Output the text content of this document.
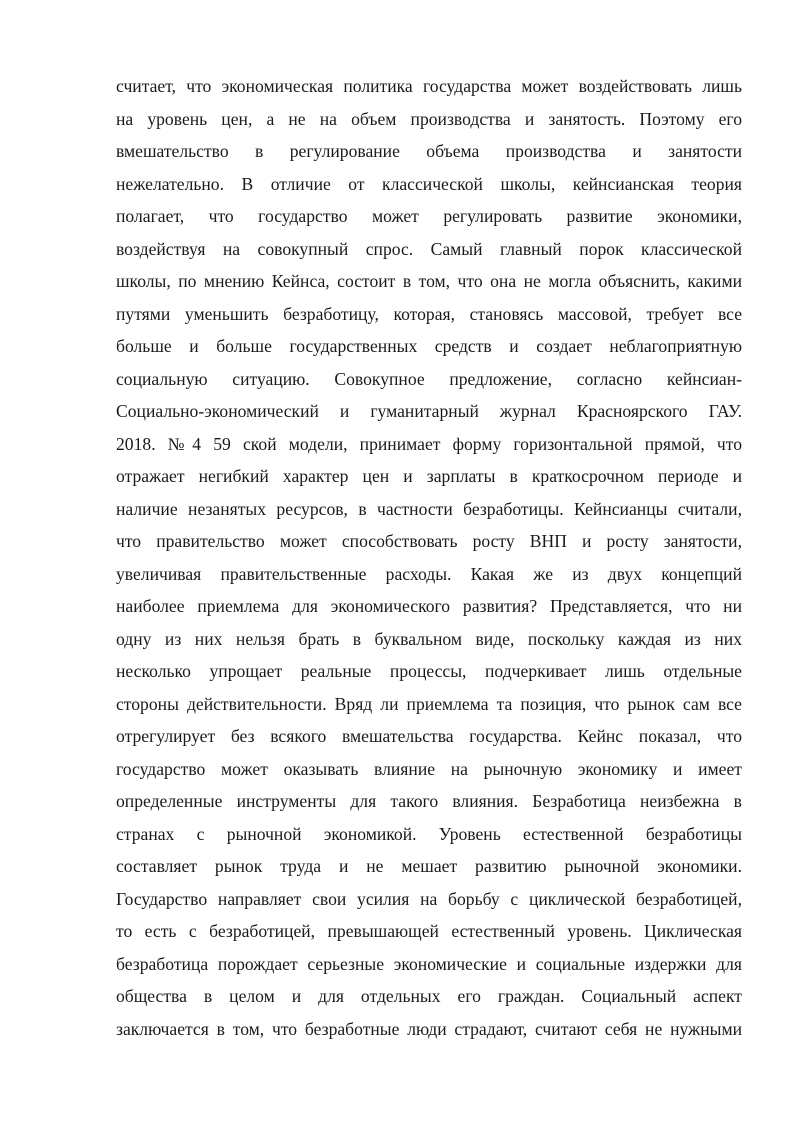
считает, что экономическая политика государства может воздействовать лишь
на уровень цен, а не на объем производства и занятость. Поэтому его
вмешательство в регулирование объема производства и занятости
нежелательно. В отличие от классической школы, кейнсианская теория
полагает, что государство может регулировать развитие экономики,
воздействуя на совокупный спрос. Самый главный порок классической
школы, по мнению Кейнса, состоит в том, что она не могла объяснить, какими
путями уменьшить безработицу, которая, становясь массовой, требует все
больше и больше государственных средств и создает неблагоприятную
социальную ситуацию. Совокупное предложение, согласно кейнсиан-
Социально-экономический и гуманитарный журнал Красноярского ГАУ.
2018. №4 59 ской модели, принимает форму горизонтальной прямой, что
отражает негибкий характер цен и зарплаты в краткосрочном периоде и
наличие незанятых ресурсов, в частности безработицы. Кейнсианцы считали,
что правительство может способствовать росту ВНП и росту занятости,
увеличивая правительственные расходы. Какая же из двух концепций
наиболее приемлема для экономического развития? Представляется, что ни
одну из них нельзя брать в буквальном виде, поскольку каждая из них
несколько упрощает реальные процессы, подчеркивает лишь отдельные
стороны действительности. Вряд ли приемлема та позиция, что рынок сам все
отрегулирует без всякого вмешательства государства. Кейнс показал, что
государство может оказывать влияние на рыночную экономику и имеет
определенные инструменты для такого влияния. Безработица неизбежна в
странах с рыночной экономикой. Уровень естественной безработицы
составляет рынок труда и не мешает развитию рыночной экономики.
Государство направляет свои усилия на борьбу с циклической безработицей,
то есть с безработицей, превышающей естественный уровень. Циклическая
безработица порождает серьезные экономические и социальные издержки для
общества в целом и для отдельных его граждан. Социальный аспект
заключается в том, что безработные люди страдают, считают себя не нужными
